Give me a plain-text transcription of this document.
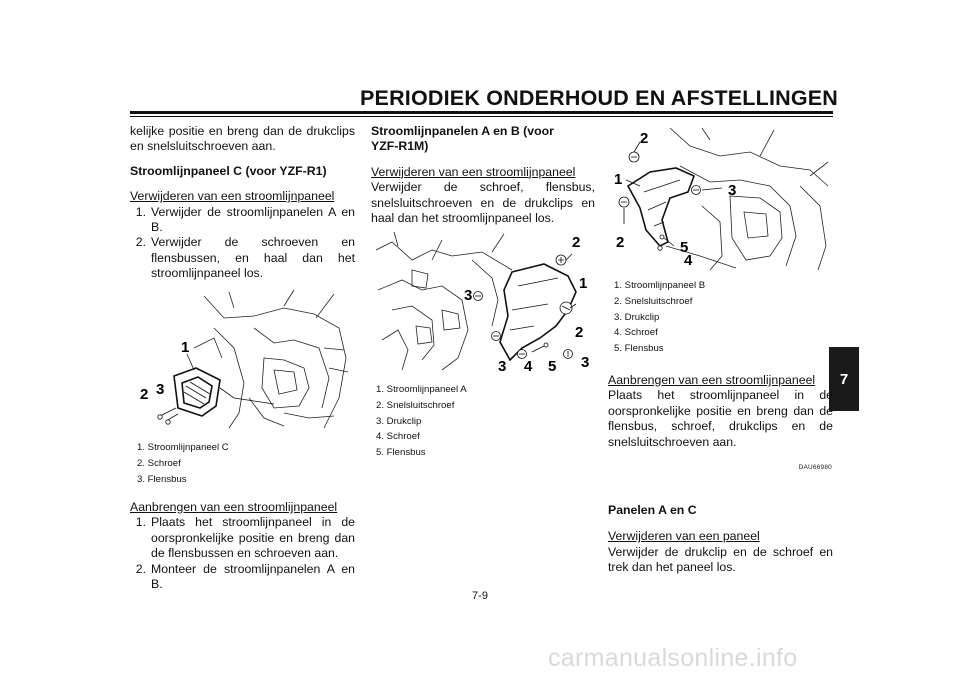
PERIODIEK ONDERHOUD EN AFSTELLINGEN
7

kelijke positie en breng dan de drukclips en snelsluitschroeven aan.

Stroomlijnpaneel C (voor YZF-R1)

Verwijderen van een stroomlijnpaneel

1. Verwijder de stroomlijnpanelen A en B.
2. Verwijder de schroeven en flensbussen, en haal dan het stroomlijnpaneel los.
1
2 3
1. Stroomlijnpaneel C
2. Schroef
3. Flensbus

Aanbrengen van een stroomlijnpaneel

1. Plaats het stroomlijnpaneel in de oorspronkelijke positie en breng dan de flensbussen en schroeven aan.
2. Monteer de stroomlijnpanelen A en B.

Stroomlijnpanelen A en B (voor YZF-R1M)

Verwijderen van een stroomlijnpaneel

Verwijder de schroef, flensbus, snelsluitschroeven en de drukclips en haal dan het stroomlijnpaneel los.

2
1
3
2
3 4 5 3
1. Stroomlijnpaneel A
2. Snelsluitschroef
3. Drukclip
4. Schroef
5. Flensbus
2
1
3
2	5
4
1. Stroomlijnpaneel B
2. Snelsluitschroef
3. Drukclip
4. Schroef
5. Flensbus

Aanbrengen van een stroomlijnpaneel

Plaats het stroomlijnpaneel in de oorspronkelijke positie en breng dan de flensbus, schroef, drukclips en de snelsluitschroeven aan.

DAU66980

Panelen A en C

Verwijderen van een paneel

Verwijder de drukclip en de schroef en trek dan het paneel los.

7-9
carmanualsonline.info
